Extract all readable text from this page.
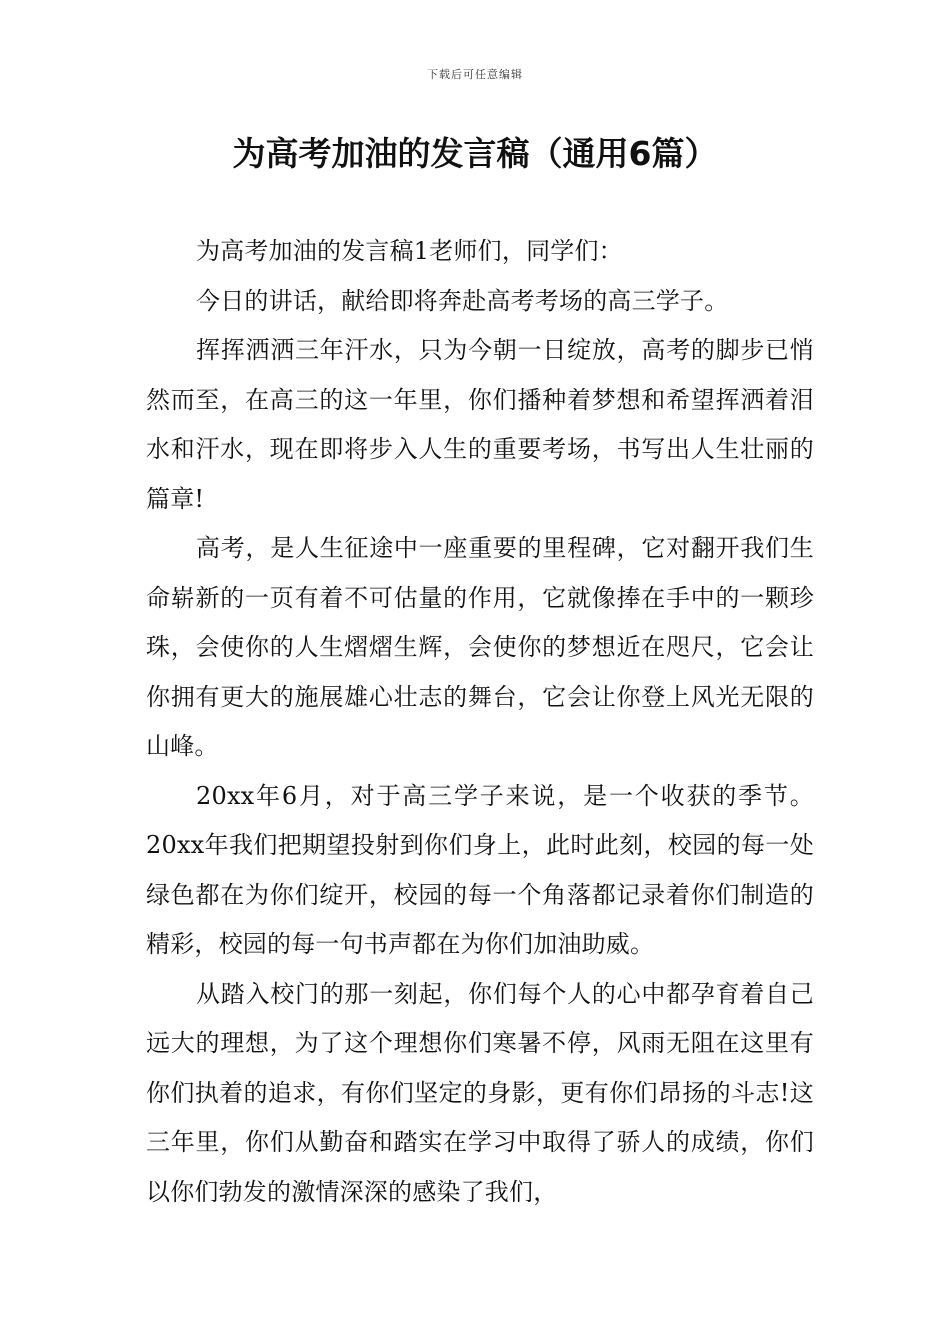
下载后可任意编辑
为高考加油的发言稿（通用6篇）

为高考加油的发言稿1老师们，同学们：

今日的讲话，献给即将奔赴高考考场的高三学子。

挥挥洒洒三年汗水，只为今朝一日绽放，高考的脚步已悄然而至，在高三的这一年里，你们播种着梦想和希望挥洒着泪水和汗水，现在即将步入人生的重要考场，书写出人生壮丽的篇章!

高考，是人生征途中一座重要的里程碑，它对翻开我们生命崭新的一页有着不可估量的作用，它就像捧在手中的一颗珍珠，会使你的人生熠熠生辉，会使你的梦想近在咫尺，它会让你拥有更大的施展雄心壮志的舞台，它会让你登上风光无限的山峰。

20xx年6月，对于高三学子来说，是一个收获的季节。20xx年我们把期望投射到你们身上，此时此刻，校园的每一处绿色都在为你们绽开，校园的每一个角落都记录着你们制造的精彩，校园的每一句书声都在为你们加油助威。

从踏入校门的那一刻起，你们每个人的心中都孕育着自己远大的理想，为了这个理想你们寒暑不停，风雨无阻在这里有你们执着的追求，有你们坚定的身影，更有你们昂扬的斗志!这三年里，你们从勤奋和踏实在学习中取得了骄人的成绩，你们以你们勃发的激情深深的感染了我们，
